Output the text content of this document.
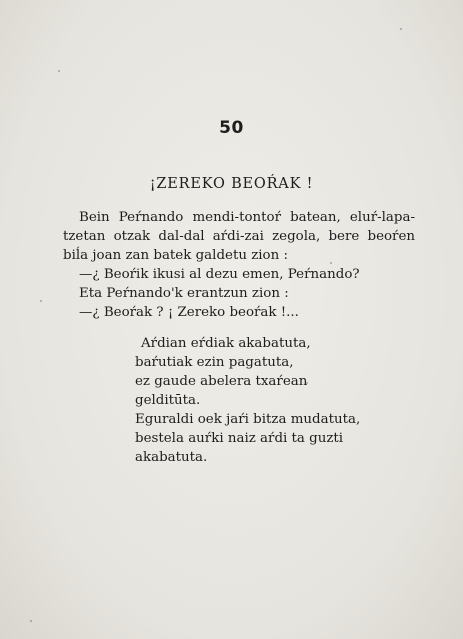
50
¡ZEREKO BEOŔAK !
Bein Peŕnando mendi-tontoŕ batean, eluŕ-lapa-
tzetan otzak dal-dal aŕdi-zai zegola, bere beoŕen
biĺa joan zan batek galdetu zion :
—¿ Beoŕik ikusi al dezu emen, Peŕnando?
Eta Peŕnando'k erantzun zion :
—¿ Beoŕak ? ¡ Zereko beoŕak !...
Aŕdian eŕdiak akabatuta,
baŕutiak ezin pagatuta,
ez gaude abelera txaŕean
gelditūta.
Eguraldi oek jaŕi bitza mudatuta,
bestela auŕki naiz aŕdi ta guzti
akabatuta.
